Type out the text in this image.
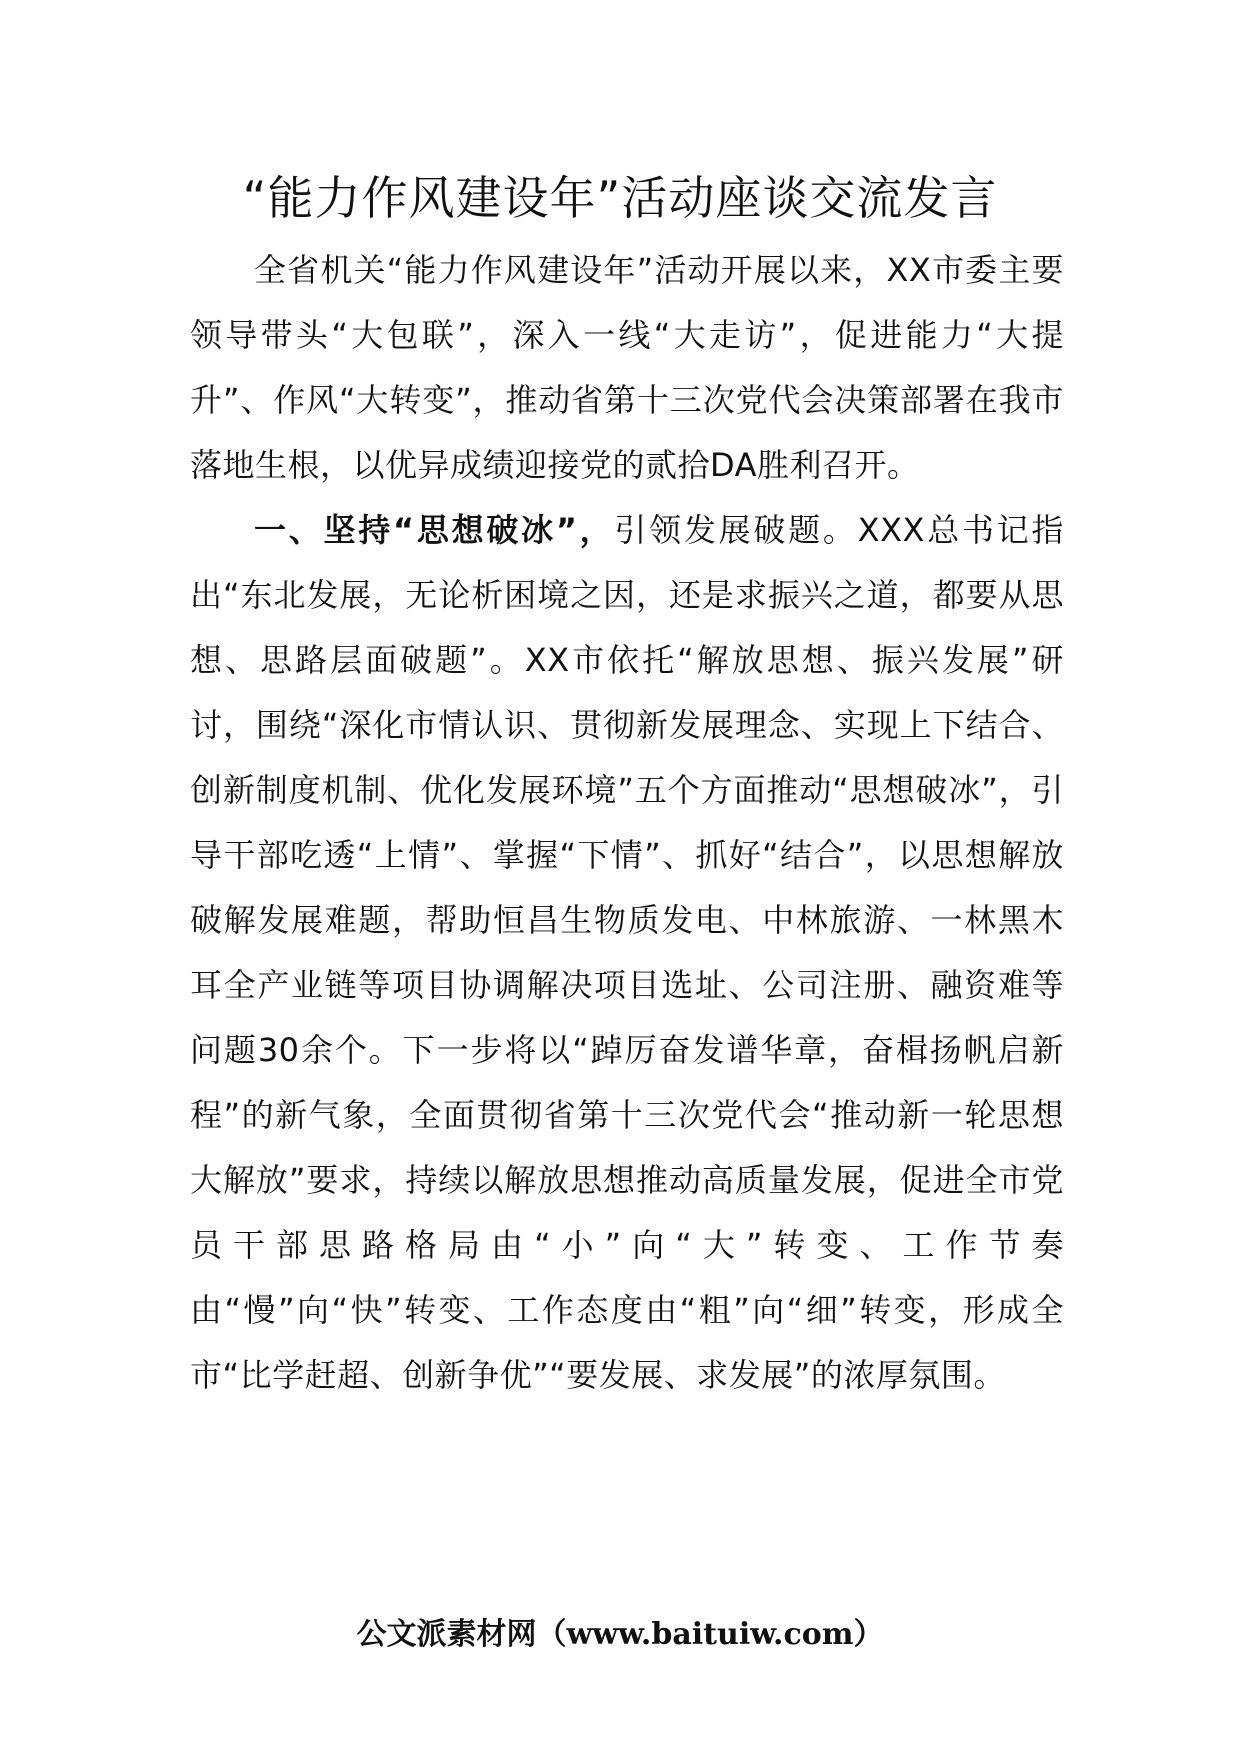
“能力作风建设年”活动座谈交流发言

全省机关“能力作风建设年”活动开展以来，XX市委主要领导带头“大包联”，深入一线“大走访”，促进能力“大提升”、作风“大转变”，推动省第十三次党代会决策部署在我市落地生根，以优异成绩迎接党的贰拾DA胜利召开。

一、坚持“思想破冰”，引领发展破题。XXX总书记指出“东北发展，无论析困境之因，还是求振兴之道，都要从思想、思路层面破题”。XX市依托“解放思想、振兴发展”研讨，围绕“深化市情认识、贯彻新发展理念、实现上下结合、创新制度机制、优化发展环境”五个方面推动“思想破冰”，引导干部吃透“上情”、掌握“下情”、抓好“结合”，以思想解放破解发展难题，帮助恒昌生物质发电、中林旅游、一林黑木耳全产业链等项目协调解决项目选址、公司注册、融资难等问题30余个。下一步将以“踔厉奋发谱华章，奋楫扬帆启新程”的新气象，全面贯彻省第十三次党代会“推动新一轮思想大解放”要求，持续以解放思想推动高质量发展，促进全市党员干部思路格局由“小”向“大”转变、工作节奏由“慢”向“快”转变、工作态度由“粗”向“细”转变，形成全市“比学赶超、创新争优”“要发展、求发展”的浓厚氛围。

公文派素材网（www.baituiw.com）
